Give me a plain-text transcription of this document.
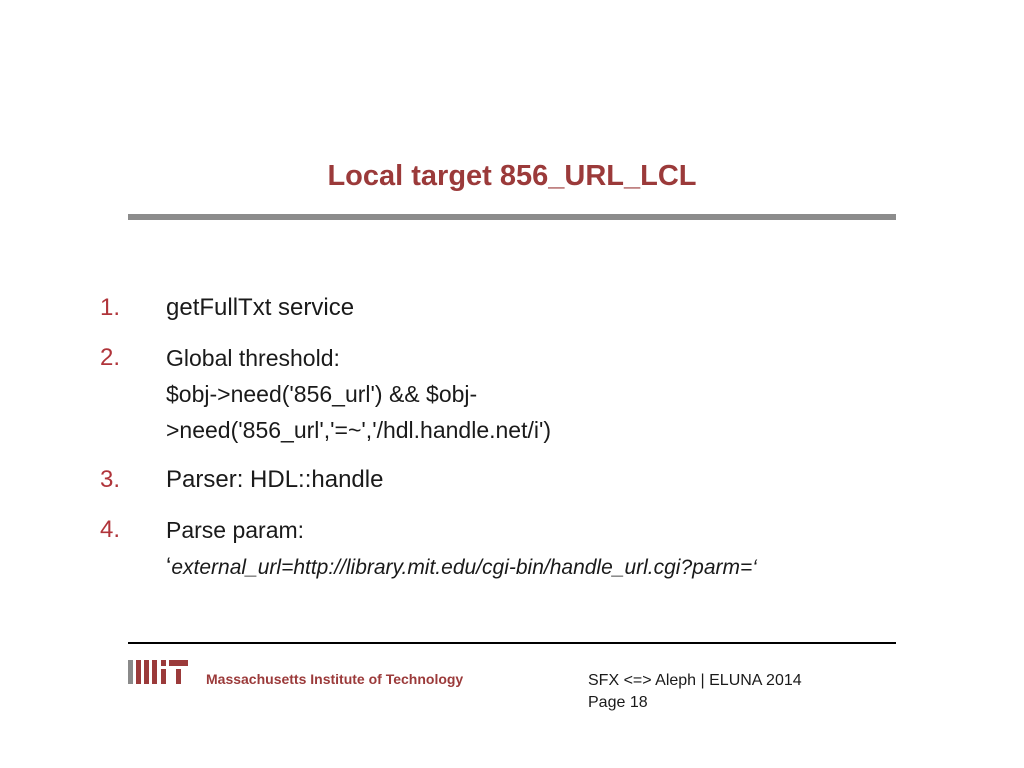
Local target 856_URL_LCL
1. getFullTxt service
2. Global threshold:
$obj->need('856_url') && $obj-
>need('856_url','=~','/hdl.handle.net/i')
3. Parser: HDL::handle
4. Parse param:
‘external_url=http://library.mit.edu/cgi-bin/handle_url.cgi?parm=‘
Massachusetts Institute of Technology	SFX <=> Aleph | ELUNA 2014
Page 18
